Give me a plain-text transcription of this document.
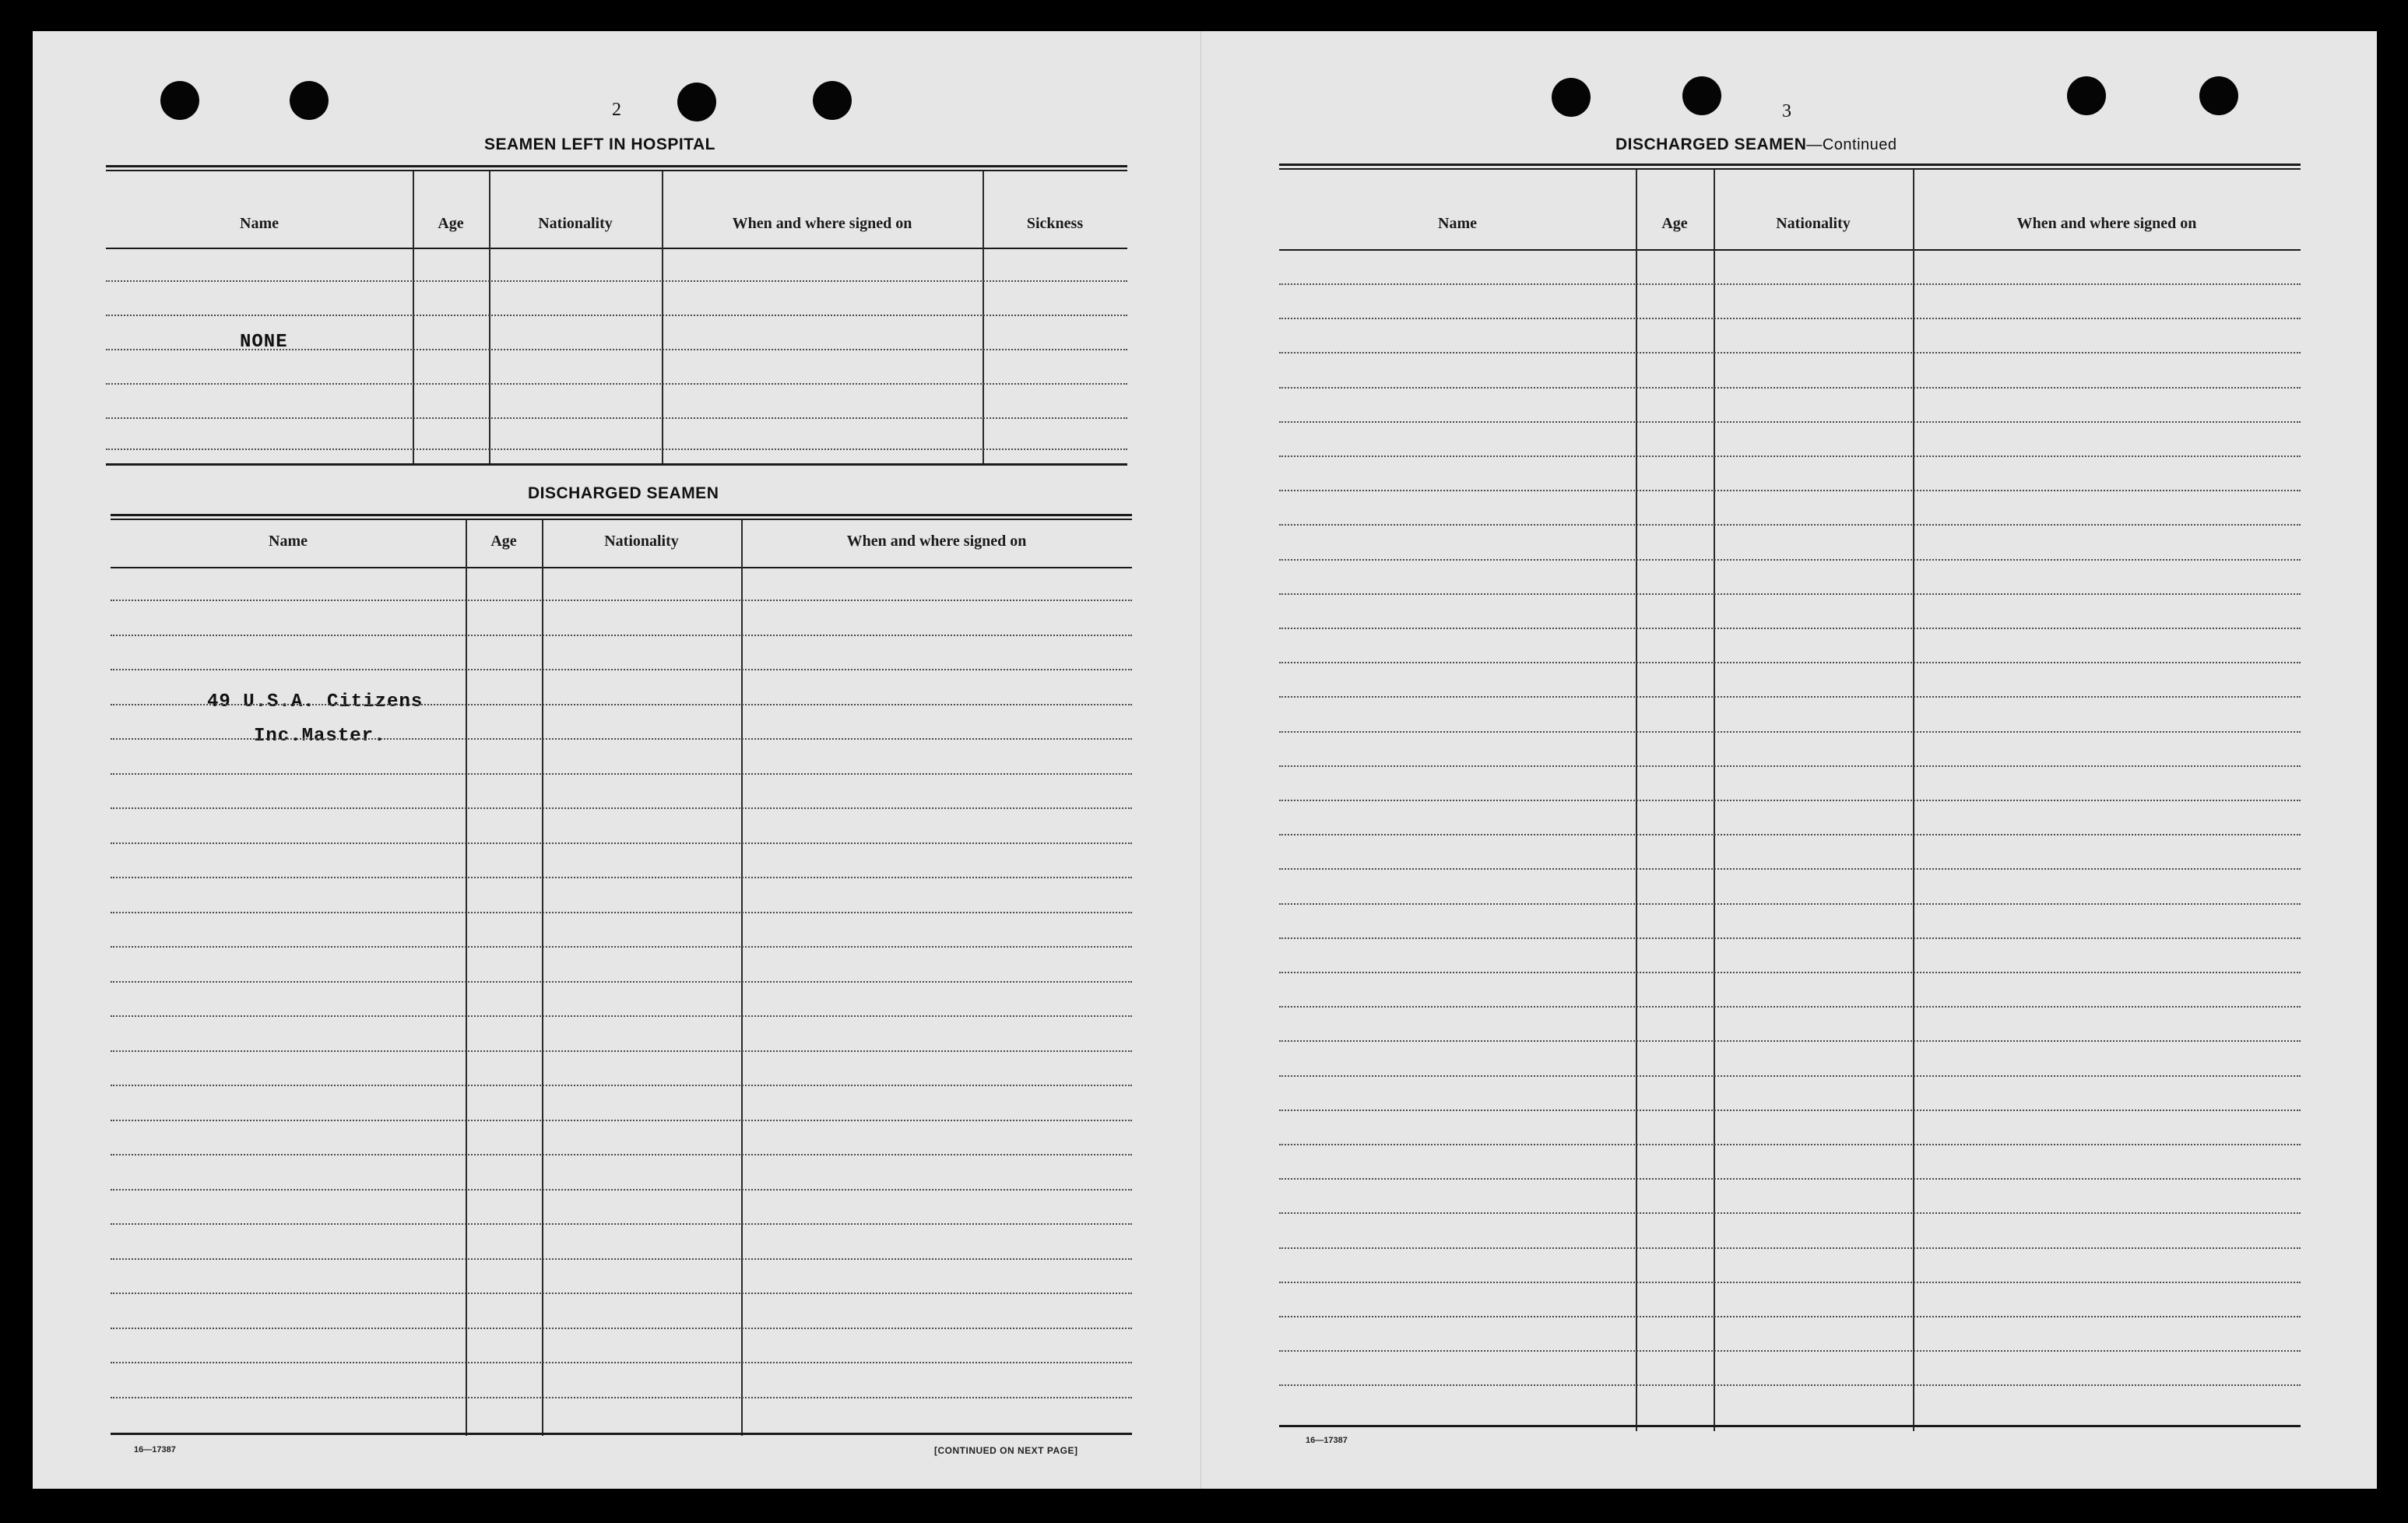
2
SEAMEN LEFT IN HOSPITAL
Name	Age	Nationality	When and where signed on	Sickness
NONE
DISCHARGED SEAMEN
Name	Age	Nationality	When and where signed on
49 U.S.A. Citizens
Inc.Master.
16—17387	[CONTINUED ON NEXT PAGE]
3
DISCHARGED SEAMEN—Continued
Name	Age	Nationality	When and where signed on
16—17387
